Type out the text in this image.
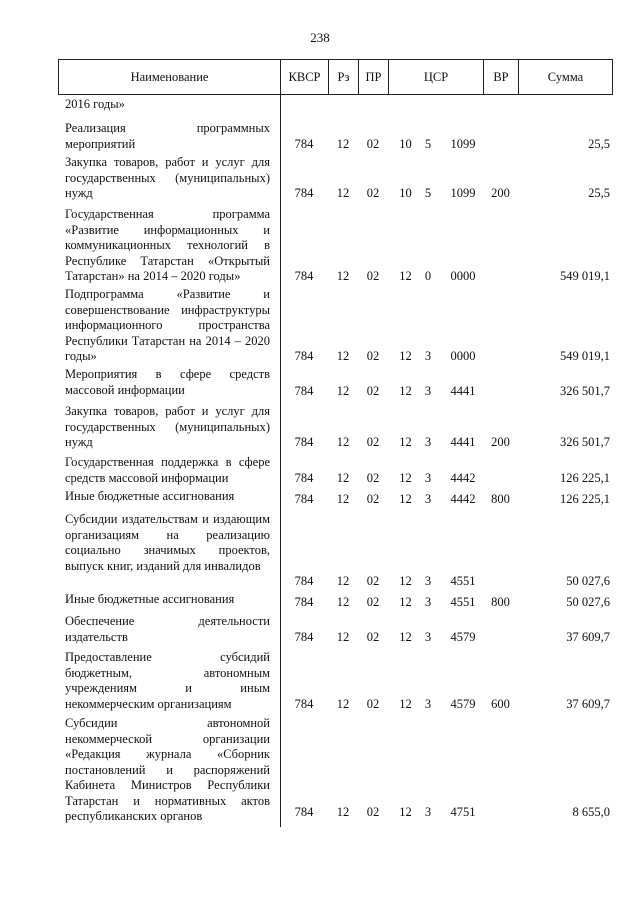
238
Наименование	КВСР	Рз	ПР	ЦСР	ВР	Сумма
2016 годы»
Реализация программных мероприятий	784	12	02	10	5	1099	25,5
Закупка товаров, работ и услуг для государственных (муниципальных) нужд	784	12	02	10	5	1099	200	25,5
Государственная программа «Развитие информационных и коммуникационных технологий в Республике Татарстан «Открытый Татарстан» на 2014 – 2020 годы»	784	12	02	12	0	0000	549 019,1
Подпрограмма «Развитие и совершенствование инфраструктуры информационного пространства Республики Татарстан на 2014 – 2020 годы»	784	12	02	12	3	0000	549 019,1
Мероприятия в сфере средств массовой информации	784	12	02	12	3	4441	326 501,7
Закупка товаров, работ и услуг для государственных (муниципальных) нужд	784	12	02	12	3	4441	200	326 501,7
Государственная поддержка в сфере средств массовой информации	784	12	02	12	3	4442	126 225,1
Иные бюджетные ассигнования	784	12	02	12	3	4442	800	126 225,1
Субсидии издательствам и издающим организациям на реализацию социально значимых проектов, выпуск книг, изданий для инвалидов
784	12	02	12	3	4551	50 027,6
Иные бюджетные ассигнования	784	12	02	12	3	4551	800	50 027,6
Обеспечение деятельности издательств	784	12	02	12	3	4579	37 609,7
Предоставление субсидий бюджетным, автономным учреждениям и иным некоммерческим организациям	784	12	02	12	3	4579	600	37 609,7
Субсидии автономной некоммерческой организации «Редакция журнала «Сборник постановлений и распоряжений Кабинета Министров Республики Татарстан и нормативных актов республиканских органов	784	12	02	12	3	4751	8 655,0
